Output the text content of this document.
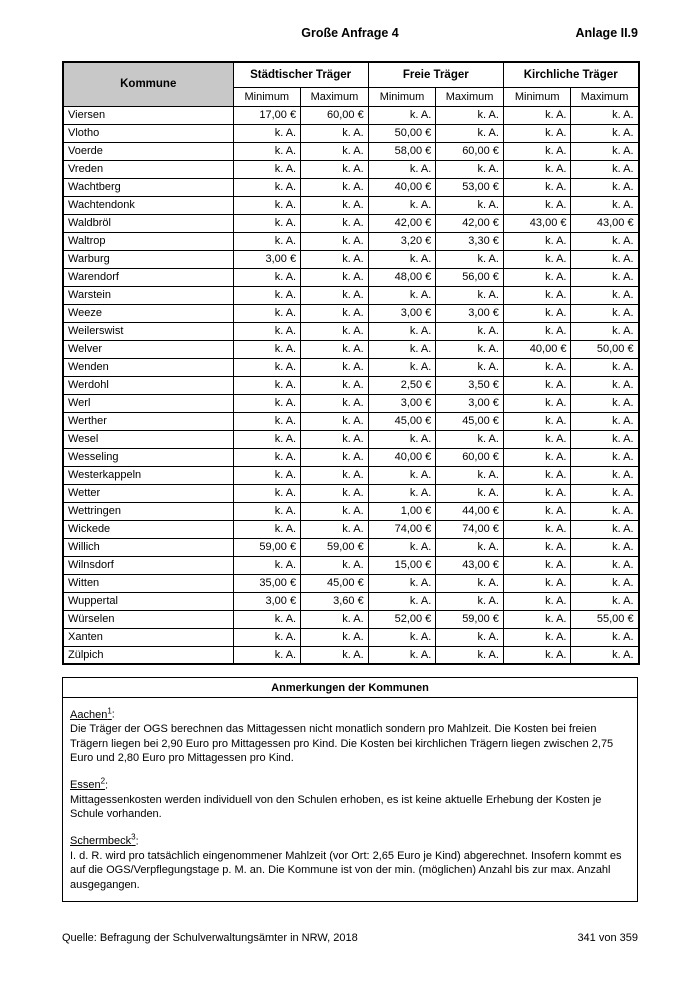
Große Anfrage 4	Anlage II.9
Kommune	Städtischer Träger		Freie Träger		Kirchliche Träger	
	Minimum	Maximum	Minimum	Maximum	Minimum	Maximum
Viersen	17,00 €	60,00 €	k. A.	k. A.	k. A.	k. A.
Vlotho	k. A.	k. A.	50,00 €	k. A.	k. A.	k. A.
Voerde	k. A.	k. A.	58,00 €	60,00 €	k. A.	k. A.
Vreden	k. A.	k. A.	k. A.	k. A.	k. A.	k. A.
Wachtberg	k. A.	k. A.	40,00 €	53,00 €	k. A.	k. A.
Wachtendonk	k. A.	k. A.	k. A.	k. A.	k. A.	k. A.
Waldbröl	k. A.	k. A.	42,00 €	42,00 €	43,00 €	43,00 €
Waltrop	k. A.	k. A.	3,20 €	3,30 €	k. A.	k. A.
Warburg	3,00 €	k. A.	k. A.	k. A.	k. A.	k. A.
Warendorf	k. A.	k. A.	48,00 €	56,00 €	k. A.	k. A.
Warstein	k. A.	k. A.	k. A.	k. A.	k. A.	k. A.
Weeze	k. A.	k. A.	3,00 €	3,00 €	k. A.	k. A.
Weilerswist	k. A.	k. A.	k. A.	k. A.	k. A.	k. A.
Welver	k. A.	k. A.	k. A.	k. A.	40,00 €	50,00 €
Wenden	k. A.	k. A.	k. A.	k. A.	k. A.	k. A.
Werdohl	k. A.	k. A.	2,50 €	3,50 €	k. A.	k. A.
Werl	k. A.	k. A.	3,00 €	3,00 €	k. A.	k. A.
Werther	k. A.	k. A.	45,00 €	45,00 €	k. A.	k. A.
Wesel	k. A.	k. A.	k. A.	k. A.	k. A.	k. A.
Wesseling	k. A.	k. A.	40,00 €	60,00 €	k. A.	k. A.
Westerkappeln	k. A.	k. A.	k. A.	k. A.	k. A.	k. A.
Wetter	k. A.	k. A.	k. A.	k. A.	k. A.	k. A.
Wettringen	k. A.	k. A.	1,00 €	44,00 €	k. A.	k. A.
Wickede	k. A.	k. A.	74,00 €	74,00 €	k. A.	k. A.
Willich	59,00 €	59,00 €	k. A.	k. A.	k. A.	k. A.
Wilnsdorf	k. A.	k. A.	15,00 €	43,00 €	k. A.	k. A.
Witten	35,00 €	45,00 €	k. A.	k. A.	k. A.	k. A.
Wuppertal	3,00 €	3,60 €	k. A.	k. A.	k. A.	k. A.
Würselen	k. A.	k. A.	52,00 €	59,00 €	k. A.	55,00 €
Xanten	k. A.	k. A.	k. A.	k. A.	k. A.	k. A.
Zülpich	k. A.	k. A.	k. A.	k. A.	k. A.	k. A.
Anmerkungen der Kommunen

Aachen$^1$:
Die Träger der OGS berechnen das Mittagessen nicht monatlich sondern pro Mahlzeit. Die Kosten bei freien Trägern liegen bei 2,90 Euro pro Mittagessen pro Kind. Die Kosten bei kirchlichen Trägern liegen zwischen 2,75 Euro und 2,80 Euro pro Mittagessen pro Kind.

Essen$^2$:
Mittagessenkosten werden individuell von den Schulen erhoben, es ist keine aktuelle Erhebung der Kosten je Schule vorhanden.

Schermbeck$^3$:
I. d. R. wird pro tatsächlich eingenommener Mahlzeit (vor Ort: 2,65 Euro je Kind) abgerechnet. Insofern kommt es auf die OGS/Verpflegungstage p. M. an. Die Kommune ist von der min. (möglichen) Anzahl bis zur max. Anzahl ausgegangen.

Quelle: Befragung der Schulverwaltungsämter in NRW, 2018	341 von 359
